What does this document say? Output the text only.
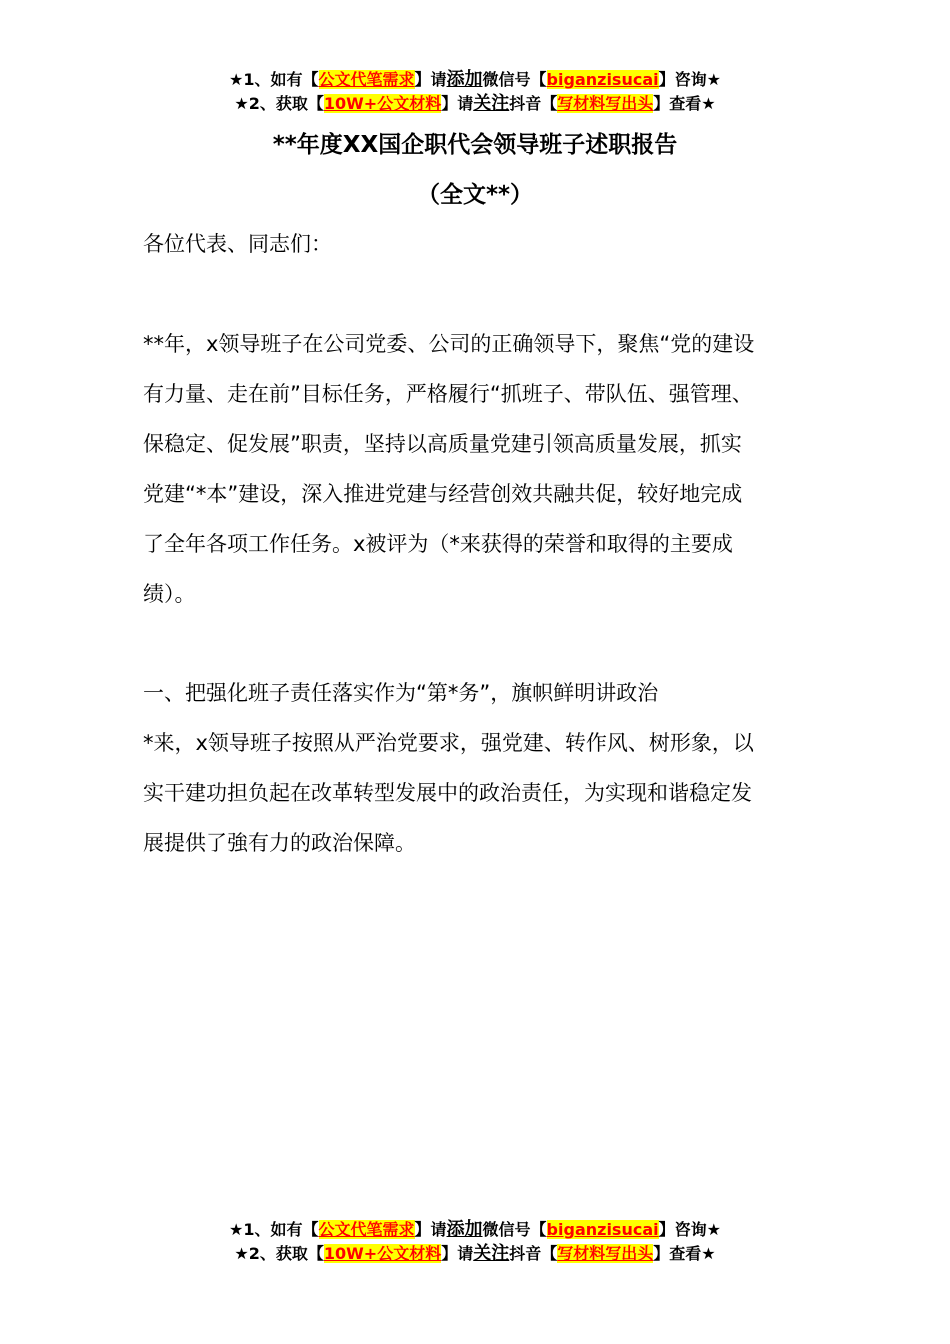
★1、如有【公文代笔需求】请添加微信号【biganzisucai】咨询★
★2、获取【10W+公文材料】请关注抖音【写材料写出头】查看★
**年度XX国企职代会领导班子述职报告
（全文**）
各位代表、同志们：
**年，x领导班子在公司党委、公司的正确领导下，聚焦“党的建设
有力量、走在前”目标任务，严格履行“抓班子、带队伍、强管理、
保稳定、促发展”职责，坚持以高质量党建引领高质量发展，抓实
党建“*本”建设，深入推进党建与经营创效共融共促，较好地完成
了全年各项工作任务。x被评为（*来获得的荣誉和取得的主要成
绩）。
一、把强化班子责任落实作为“第*务”，旗帜鲜明讲政治
*来，x领导班子按照从严治党要求，强党建、转作风、树形象，以
实干建功担负起在改革转型发展中的政治责任，为实现和谐稳定发
展提供了強有力的政治保障。
★1、如有【公文代笔需求】请添加微信号【biganzisucai】咨询★
★2、获取【10W+公文材料】请关注抖音【写材料写出头】查看★
